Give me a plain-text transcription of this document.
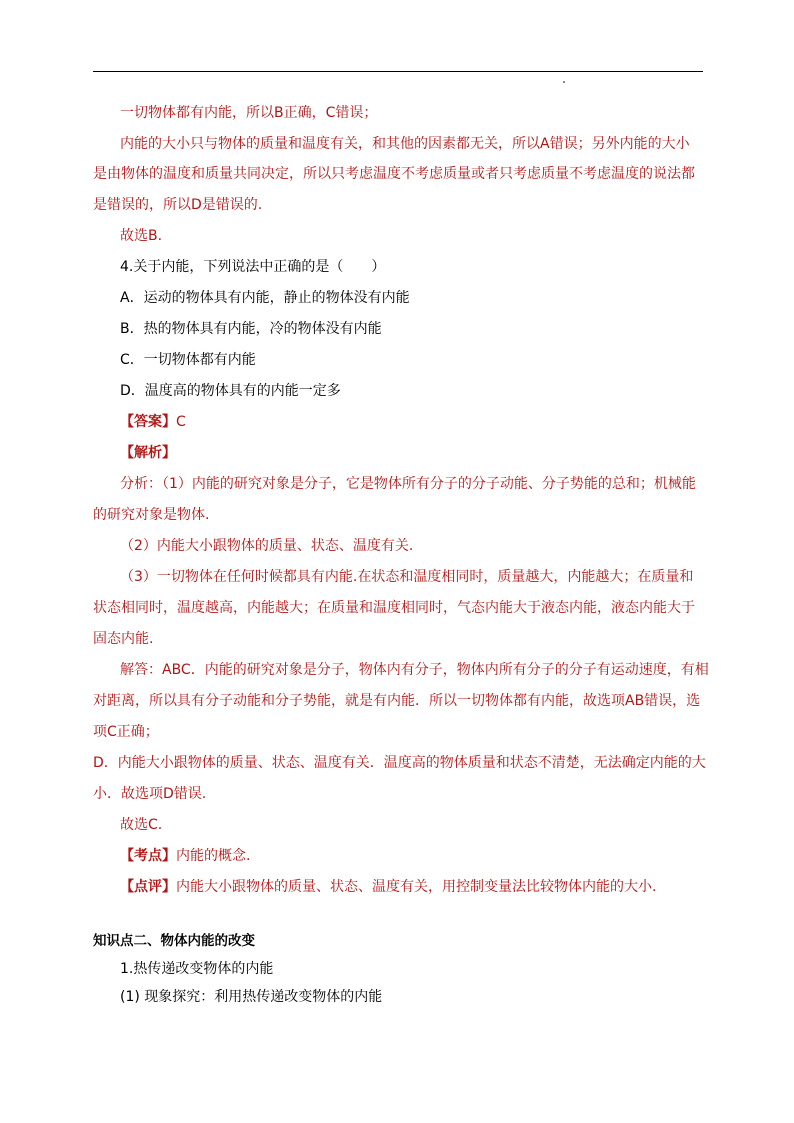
一切物体都有内能，所以B正确，C错误；
内能的大小只与物体的质量和温度有关，和其他的因素都无关，所以A错误；另外内能的大小
是由物体的温度和质量共同决定，所以只考虑温度不考虑质量或者只考虑质量不考虑温度的说法都
是错误的，所以D是错误的.
故选B.
4.关于内能，下列说法中正确的是（　　）
A．运动的物体具有内能，静止的物体没有内能
B．热的物体具有内能，冷的物体没有内能
C．一切物体都有内能
D．温度高的物体具有的内能一定多
【答案】C
【解析】
分析：（1）内能的研究对象是分子，它是物体所有分子的分子动能、分子势能的总和；机械能
的研究对象是物体.
（2）内能大小跟物体的质量、状态、温度有关.
（3）一切物体在任何时候都具有内能.在状态和温度相同时，质量越大，内能越大；在质量和
状态相同时，温度越高，内能越大；在质量和温度相同时，气态内能大于液态内能，液态内能大于
固态内能.
解答：ABC．内能的研究对象是分子，物体内有分子，物体内所有分子的分子有运动速度，有相
对距离，所以具有分子动能和分子势能，就是有内能．所以一切物体都有内能，故选项AB错误，选
项C正确；
D．内能大小跟物体的质量、状态、温度有关．温度高的物体质量和状态不清楚，无法确定内能的大
小．故选项D错误.
故选C.
【考点】内能的概念.
【点评】内能大小跟物体的质量、状态、温度有关，用控制变量法比较物体内能的大小.
知识点二、物体内能的改变
1.热传递改变物体的内能
(1) 现象探究：利用热传递改变物体的内能
